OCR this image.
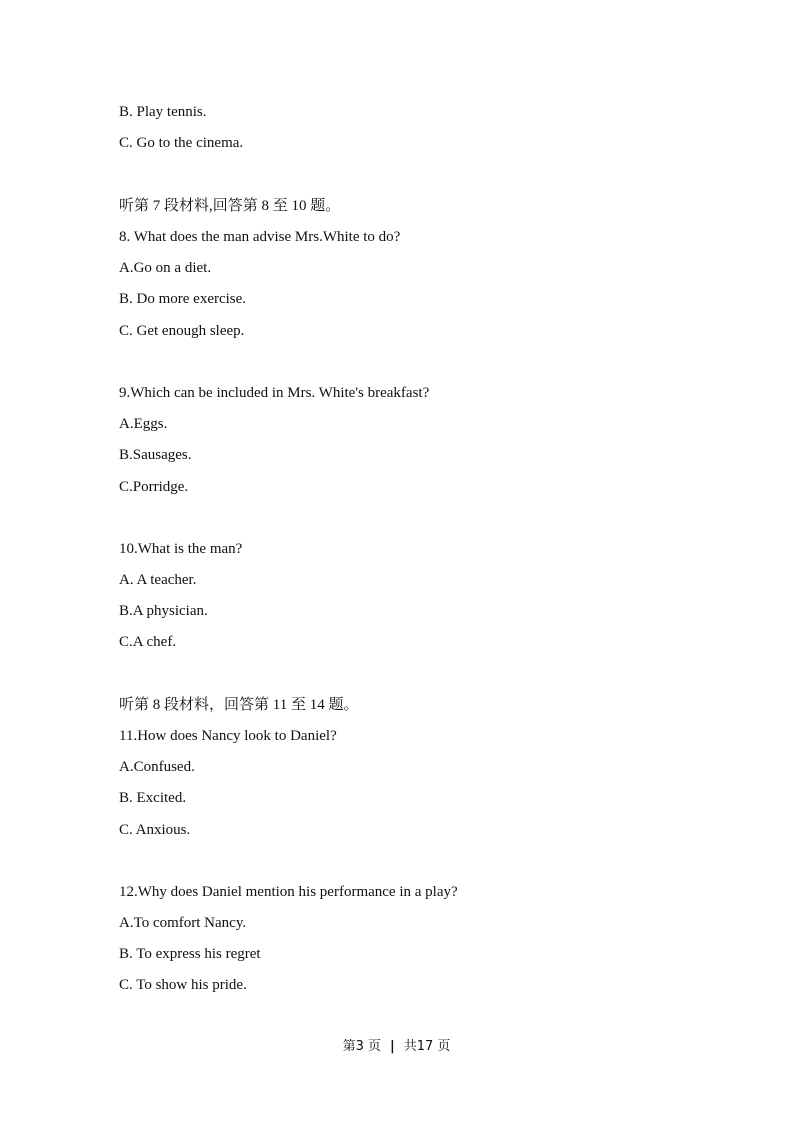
B. Play tennis.
C. Go to the cinema.
听第 7 段材料,回答第 8 至 10 题。
8. What does the man advise Mrs.White to do?
A.Go on a diet.
B. Do more exercise.
C. Get enough sleep.
9.Which can be included in Mrs. White's breakfast?
A.Eggs.
B.Sausages.
C.Porridge.
10.What is the man?
A. A teacher.
B.A physician.
C.A chef.
听第 8 段材料，回答第 11 至 14 题。
11.How does Nancy look to Daniel?
A.Confused.
B. Excited.
C. Anxious.
12.Why does Daniel mention his performance in a play?
A.To comfort Nancy.
B. To express his regret
C. To show his pride.
第3 页 | 共17 页
